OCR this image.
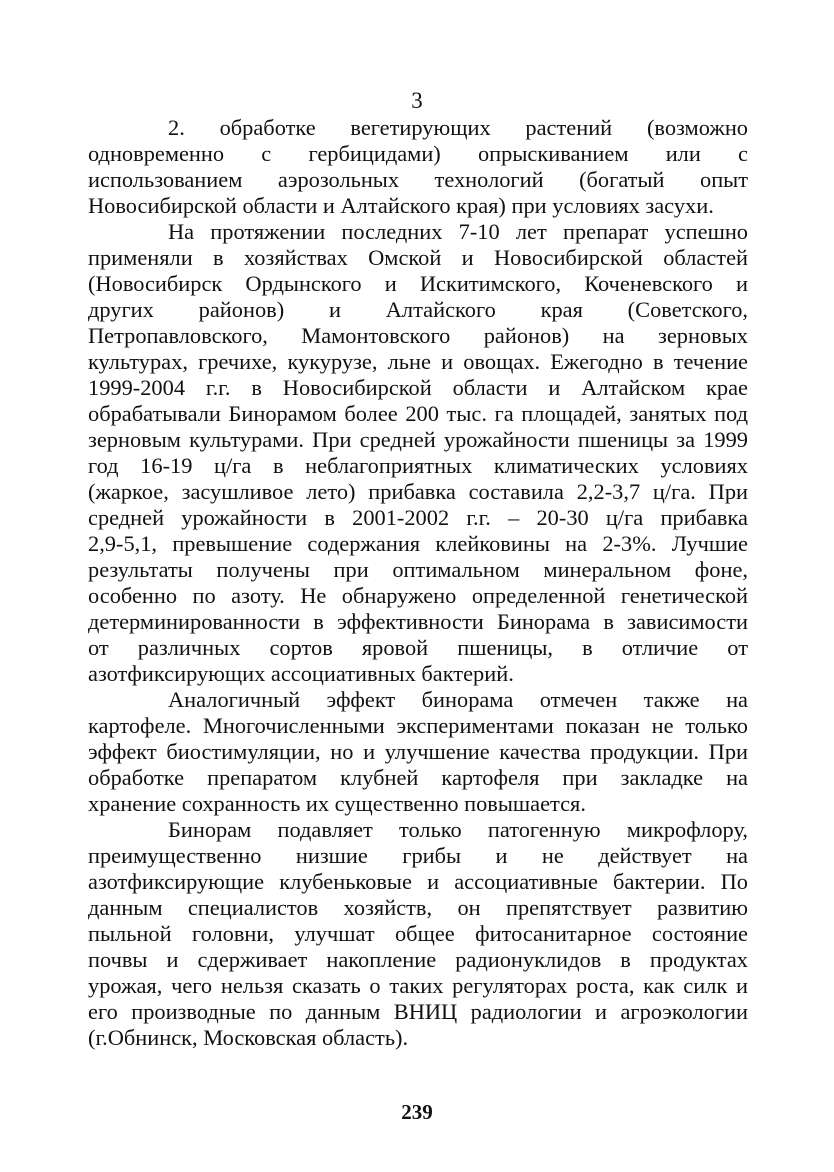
3
2. обработке вегетирующих растений (возможно
одновременно с гербицидами) опрыскиванием или с
использованием аэрозольных технологий (богатый опыт
Новосибирской области и Алтайского края) при условиях засухи.
На протяжении последних 7-10 лет препарат успешно
применяли в хозяйствах Омской и Новосибирской областей
(Новосибирск Ордынского и Искитимского, Коченевского и
других районов) и Алтайского края (Советского,
Петропавловского, Мамонтовского районов) на зерновых
культурах, гречихе, кукурузе, льне и овощах. Ежегодно в течение
1999-2004 г.г. в Новосибирской области и Алтайском крае
обрабатывали Бинорамом более 200 тыс. га площадей, занятых под
зерновым культурами. При средней урожайности пшеницы за 1999
год 16-19 ц/га в неблагоприятных климатических условиях
(жаркое, засушливое лето) прибавка составила 2,2-3,7 ц/га. При
средней урожайности в 2001-2002 г.г. – 20-30 ц/га прибавка
2,9-5,1, превышение содержания клейковины на 2-3%. Лучшие
результаты получены при оптимальном минеральном фоне,
особенно по азоту. Не обнаружено определенной генетической
детерминированности в эффективности Бинорама в зависимости
от различных сортов яровой пшеницы, в отличие от
азотфиксирующих ассоциативных бактерий.
Аналогичный эффект бинорама отмечен также на
картофеле. Многочисленными экспериментами показан не только
эффект биостимуляции, но и улучшение качества продукции. При
обработке препаратом клубней картофеля при закладке на
хранение сохранность их существенно повышается.
Бинорам подавляет только патогенную микрофлору,
преимущественно низшие грибы и не действует на
азотфиксирующие клубеньковые и ассоциативные бактерии. По
данным специалистов хозяйств, он препятствует развитию
пыльной головни, улучшат общее фитосанитарное состояние
почвы и сдерживает накопление радионуклидов в продуктах
урожая, чего нельзя сказать о таких регуляторах роста, как силк и
его производные по данным ВНИЦ радиологии и агроэкологии
(г.Обнинск, Московская область).
239
